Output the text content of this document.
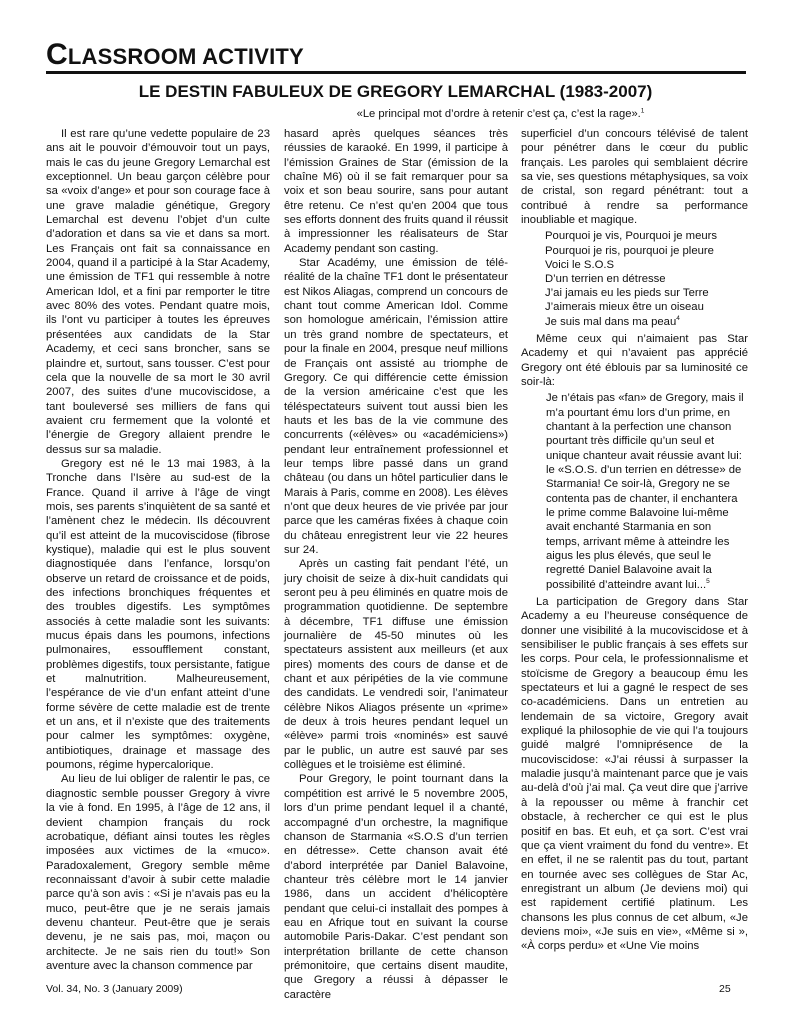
CLASSROOM ACTIVITY
LE DESTIN FABULEUX DE GREGORY LEMARCHAL (1983-2007)
«Le principal mot d’ordre à retenir c’est ça, c’est la rage».$^1$

Il est rare qu’une vedette populaire de 23 ans ait le pouvoir d’émouvoir tout un pays, mais le cas du jeune Gregory Lemarchal est exceptionnel. Un beau garçon célèbre pour sa «voix d’ange» et pour son courage face à une grave maladie génétique, Gregory Lemarchal est devenu l’objet d’un culte d’adoration et dans sa vie et dans sa mort. Les Français ont fait sa connaissance en 2004, quand il a participé à la Star Academy, une émission de TF1 qui ressemble à notre American Idol, et a fini par remporter le titre avec 80% des votes. Pendant quatre mois, ils l’ont vu participer à toutes les épreuves présentées aux candidats de la Star Academy, et ceci sans broncher, sans se plaindre et, surtout, sans tousser. C’est pour cela que la nouvelle de sa mort le 30 avril 2007, des suites d’une mucoviscidose, a tant bouleversé ses milliers de fans qui avaient cru fermement que la volonté et l’énergie de Gregory allaient prendre le dessus sur sa maladie.

Gregory est né le 13 mai 1983, à la Tronche dans l’Isère au sud-est de la France. Quand il arrive à l’âge de vingt mois, ses parents s’inquiètent de sa santé et l’amènent chez le médecin. Ils découvrent qu’il est atteint de la mucoviscidose (fibrose kystique), maladie qui est le plus souvent diagnostiquée dans l’enfance, lorsqu’on observe un retard de croissance et de poids, des infections bronchiques fréquentes et des troubles digestifs. Les symptômes associés à cette maladie sont les suivants: mucus épais dans les poumons, infections pulmonaires, essoufflement constant, problèmes digestifs, toux persistante, fatigue et malnutrition. Malheureusement, l’espérance de vie d’un enfant atteint d’une forme sévère de cette maladie est de trente et un ans, et il n’existe que des traitements pour calmer les symptômes: oxygène, antibiotiques, drainage et massage des poumons, régime hypercalorique.

Au lieu de lui obliger de ralentir le pas, ce diagnostic semble pousser Gregory à vivre la vie à fond. En 1995, à l’âge de 12 ans, il devient champion français du rock acrobatique, défiant ainsi toutes les règles imposées aux victimes de la «muco». Paradoxalement, Gregory semble même reconnaissant d’avoir à subir cette maladie parce qu’à son avis : «Si je n’avais pas eu la muco, peut-être que je ne serais jamais devenu chanteur. Peut-être que je serais devenu, je ne sais pas, moi, maçon ou architecte. Je ne sais rien du tout!» Son aventure avec la chanson commence par

hasard après quelques séances très réussies de karaoké. En 1999, il participe à l’émission Graines de Star (émission de la chaîne M6) où il se fait remarquer pour sa voix et son beau sourire, sans pour autant être retenu. Ce n’est qu’en 2004 que tous ses efforts donnent des fruits quand il réussit à impressionner les réalisateurs de Star Academy pendant son casting.

Star Académy, une émission de télé-réalité de la chaîne TF1 dont le présentateur est Nikos Aliagas, comprend un concours de chant tout comme American Idol. Comme son homologue américain, l’émission attire un très grand nombre de spectateurs, et pour la finale en 2004, presque neuf millions de Français ont assisté au triomphe de Gregory. Ce qui différencie cette émission de la version américaine c’est que les téléspectateurs suivent tout aussi bien les hauts et les bas de la vie commune des concurrents («élèves» ou «académiciens») pendant leur entraînement professionnel et leur temps libre passé dans un grand château (ou dans un hôtel particulier dans le Marais à Paris, comme en 2008). Les élèves n’ont que deux heures de vie privée par jour parce que les caméras fixées à chaque coin du château enregistrent leur vie 22 heures sur 24.

Après un casting fait pendant l’été, un jury choisit de seize à dix-huit candidats qui seront peu à peu éliminés en quatre mois de programmation quotidienne. De septembre à décembre, TF1 diffuse une émission journalière de 45-50 minutes où les spectateurs assistent aux meilleurs (et aux pires) moments des cours de danse et de chant et aux péripéties de la vie commune des candidats. Le vendredi soir, l’animateur célèbre Nikos Aliagos présente un «prime» de deux à trois heures pendant lequel un «élève» parmi trois «nominés» est sauvé par le public, un autre est sauvé par ses collègues et le troisième est éliminé.

Pour Gregory, le point tournant dans la compétition est arrivé le 5 novembre 2005, lors d’un prime pendant lequel il a chanté, accompagné d’un orchestre, la magnifique chanson de Starmania «S.O.S d’un terrien en détresse». Cette chanson avait été d’abord interprétée par Daniel Balavoine, chanteur très célèbre mort le 14 janvier 1986, dans un accident d’hélicoptère pendant que celui-ci installait des pompes à eau en Afrique tout en suivant la course automobile Paris-Dakar. C’est pendant son interprétation brillante de cette chanson prémonitoire, que certains disent maudite, que Gregory a réussi à dépasser le caractère

superficiel d’un concours télévisé de talent pour pénétrer dans le cœur du public français. Les paroles qui semblaient décrire sa vie, ses questions métaphysiques, sa voix de cristal, son regard pénétrant: tout a contribué à rendre sa performance inoubliable et magique.

Pourquoi je vis, Pourquoi je meurs
Pourquoi je ris, pourquoi je pleure
Voici le S.O.S
D’un terrien en détresse
J’ai jamais eu les pieds sur Terre
J’aimerais mieux être un oiseau
Je suis mal dans ma peau$^4$

Même ceux qui n’aimaient pas Star Academy et qui n’avaient pas apprécié Gregory ont été éblouis par sa luminosité ce soir-là:

Je n’étais pas «fan» de Gregory, mais il m’a pourtant ému lors d’un prime, en chantant à la perfection une chanson pourtant très difficile qu’un seul et unique chanteur avait réussie avant lui: le «S.O.S. d’un terrien en détresse» de Starmania! Ce soir-là, Gregory ne se contenta pas de chanter, il enchantera le prime comme Balavoine lui-même avait enchanté Starmania en son temps, arrivant même à atteindre les aigus les plus élevés, que seul le regretté Daniel Balavoine avait la possibilité d’atteindre avant lui...$^5$

La participation de Gregory dans Star Academy a eu l’heureuse conséquence de donner une visibilité à la mucoviscidose et à sensibiliser le public français à ses effets sur les corps. Pour cela, le professionnalisme et stoïcisme de Gregory a beaucoup ému les spectateurs et lui a gagné le respect de ses co-académiciens. Dans un entretien au lendemain de sa victoire, Gregory avait expliqué la philosophie de vie qui l’a toujours guidé malgré l’omniprésence de la mucoviscidose: «J’ai réussi à surpasser la maladie jusqu’à maintenant parce que je vais au-delà d’où j’ai mal. Ça veut dire que j’arrive à la repousser ou même à franchir cet obstacle, à rechercher ce qui est le plus positif en bas. Et euh, et ça sort. C’est vrai que ça vient vraiment du fond du ventre». Et en effet, il ne se ralentit pas du tout, partant en tournée avec ses collègues de Star Ac, enregistrant un album (Je deviens moi) qui est rapidement certifié platinum. Les chansons les plus connus de cet album, «Je deviens moi», «Je suis en vie», «Même si », «À corps perdu» et «Une Vie moins

Vol. 34, No. 3 (January 2009)	25
